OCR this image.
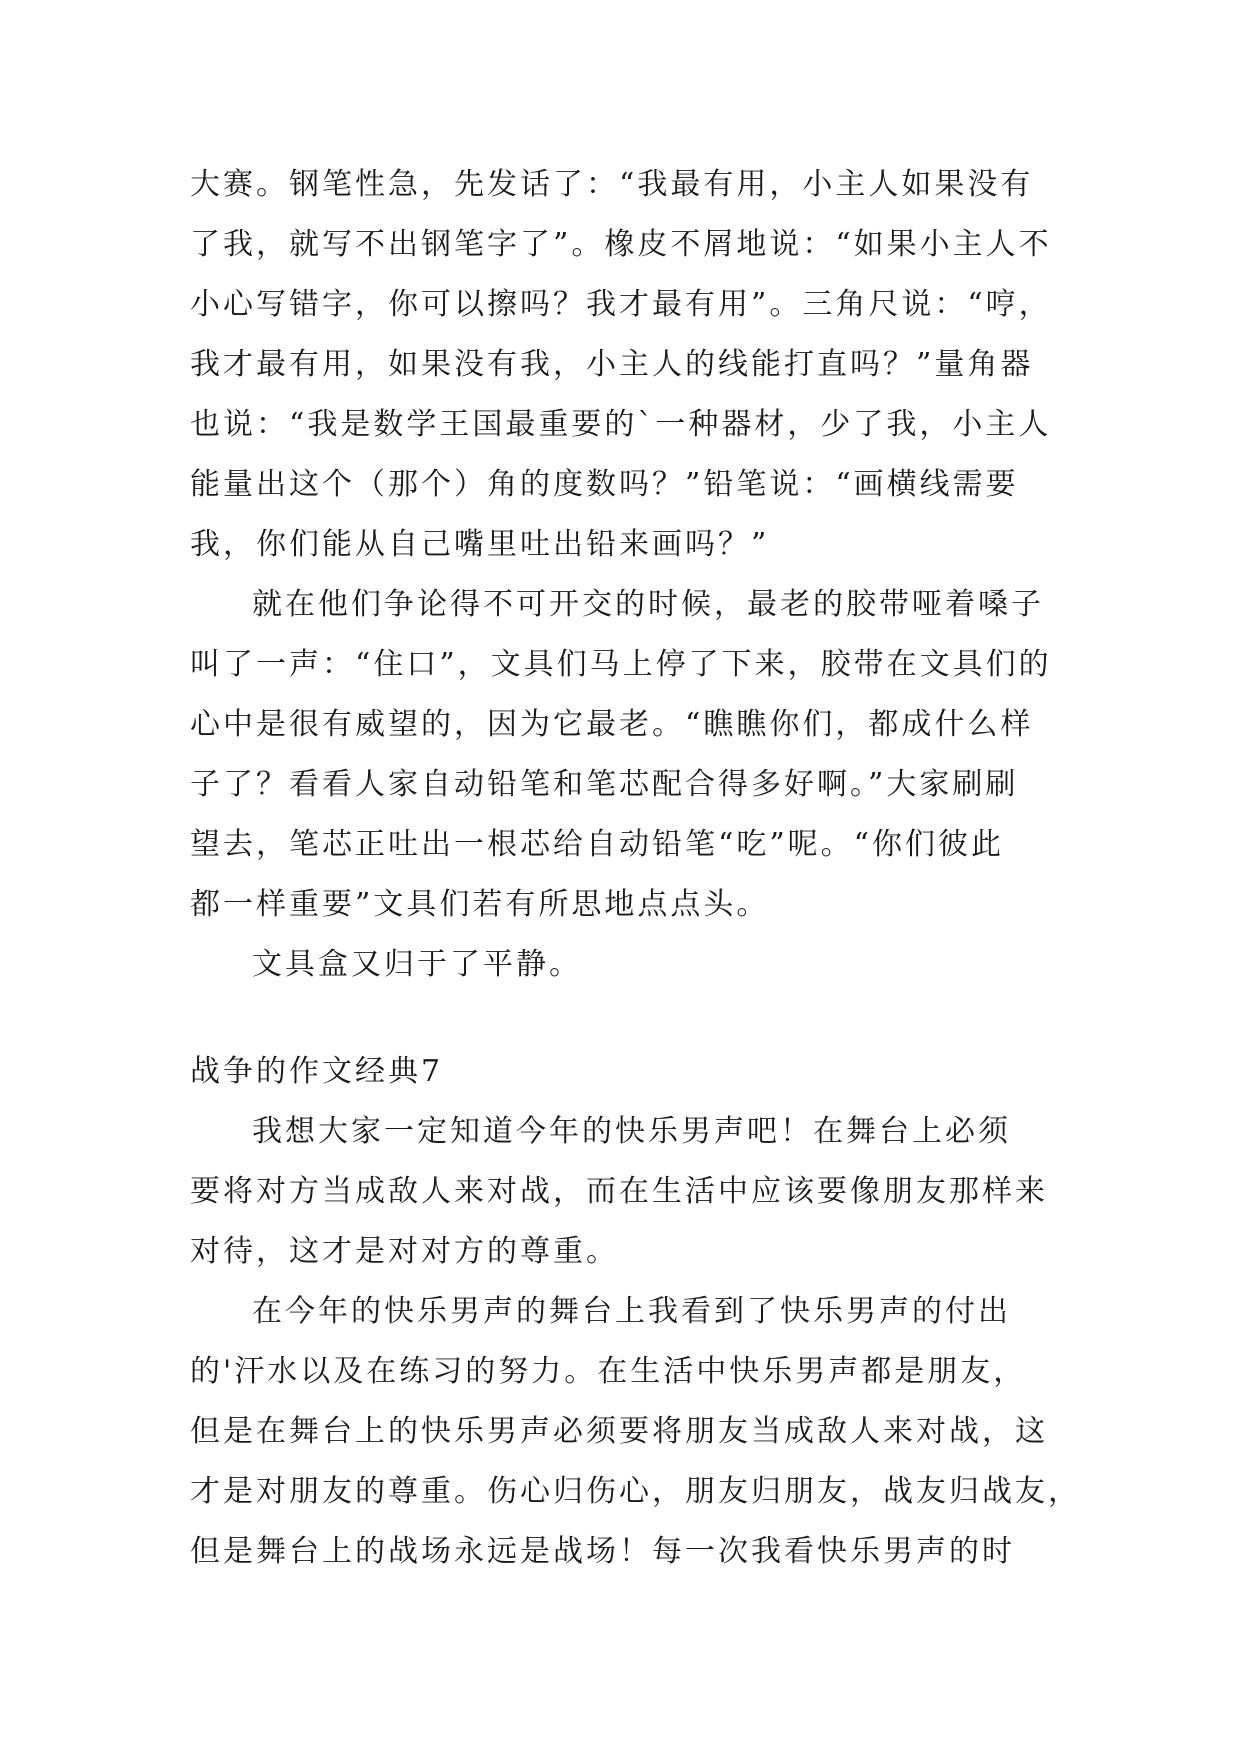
大赛。钢笔性急，先发话了：“我最有用，小主人如果没有
了我，就写不出钢笔字了”。橡皮不屑地说：“如果小主人不
小心写错字，你可以擦吗？我才最有用”。三角尺说：“哼，
我才最有用，如果没有我，小主人的线能打直吗？”量角器
也说：“我是数学王国最重要的`一种器材，少了我，小主人
能量出这个（那个）角的度数吗？”铅笔说：“画横线需要
我，你们能从自己嘴里吐出铅来画吗？”
就在他们争论得不可开交的时候，最老的胶带哑着嗓子
叫了一声：“住口”，文具们马上停了下来，胶带在文具们的
心中是很有威望的，因为它最老。“瞧瞧你们，都成什么样
子了？看看人家自动铅笔和笔芯配合得多好啊。”大家刷刷
望去，笔芯正吐出一根芯给自动铅笔“吃”呢。“你们彼此
都一样重要”文具们若有所思地点点头。
文具盒又归于了平静。
战争的作文经典7
我想大家一定知道今年的快乐男声吧！在舞台上必须
要将对方当成敌人来对战，而在生活中应该要像朋友那样来
对待，这才是对对方的尊重。
在今年的快乐男声的舞台上我看到了快乐男声的付出
的'汗水以及在练习的努力。在生活中快乐男声都是朋友，
但是在舞台上的快乐男声必须要将朋友当成敌人来对战，这
才是对朋友的尊重。伤心归伤心，朋友归朋友，战友归战友，
但是舞台上的战场永远是战场！每一次我看快乐男声的时
